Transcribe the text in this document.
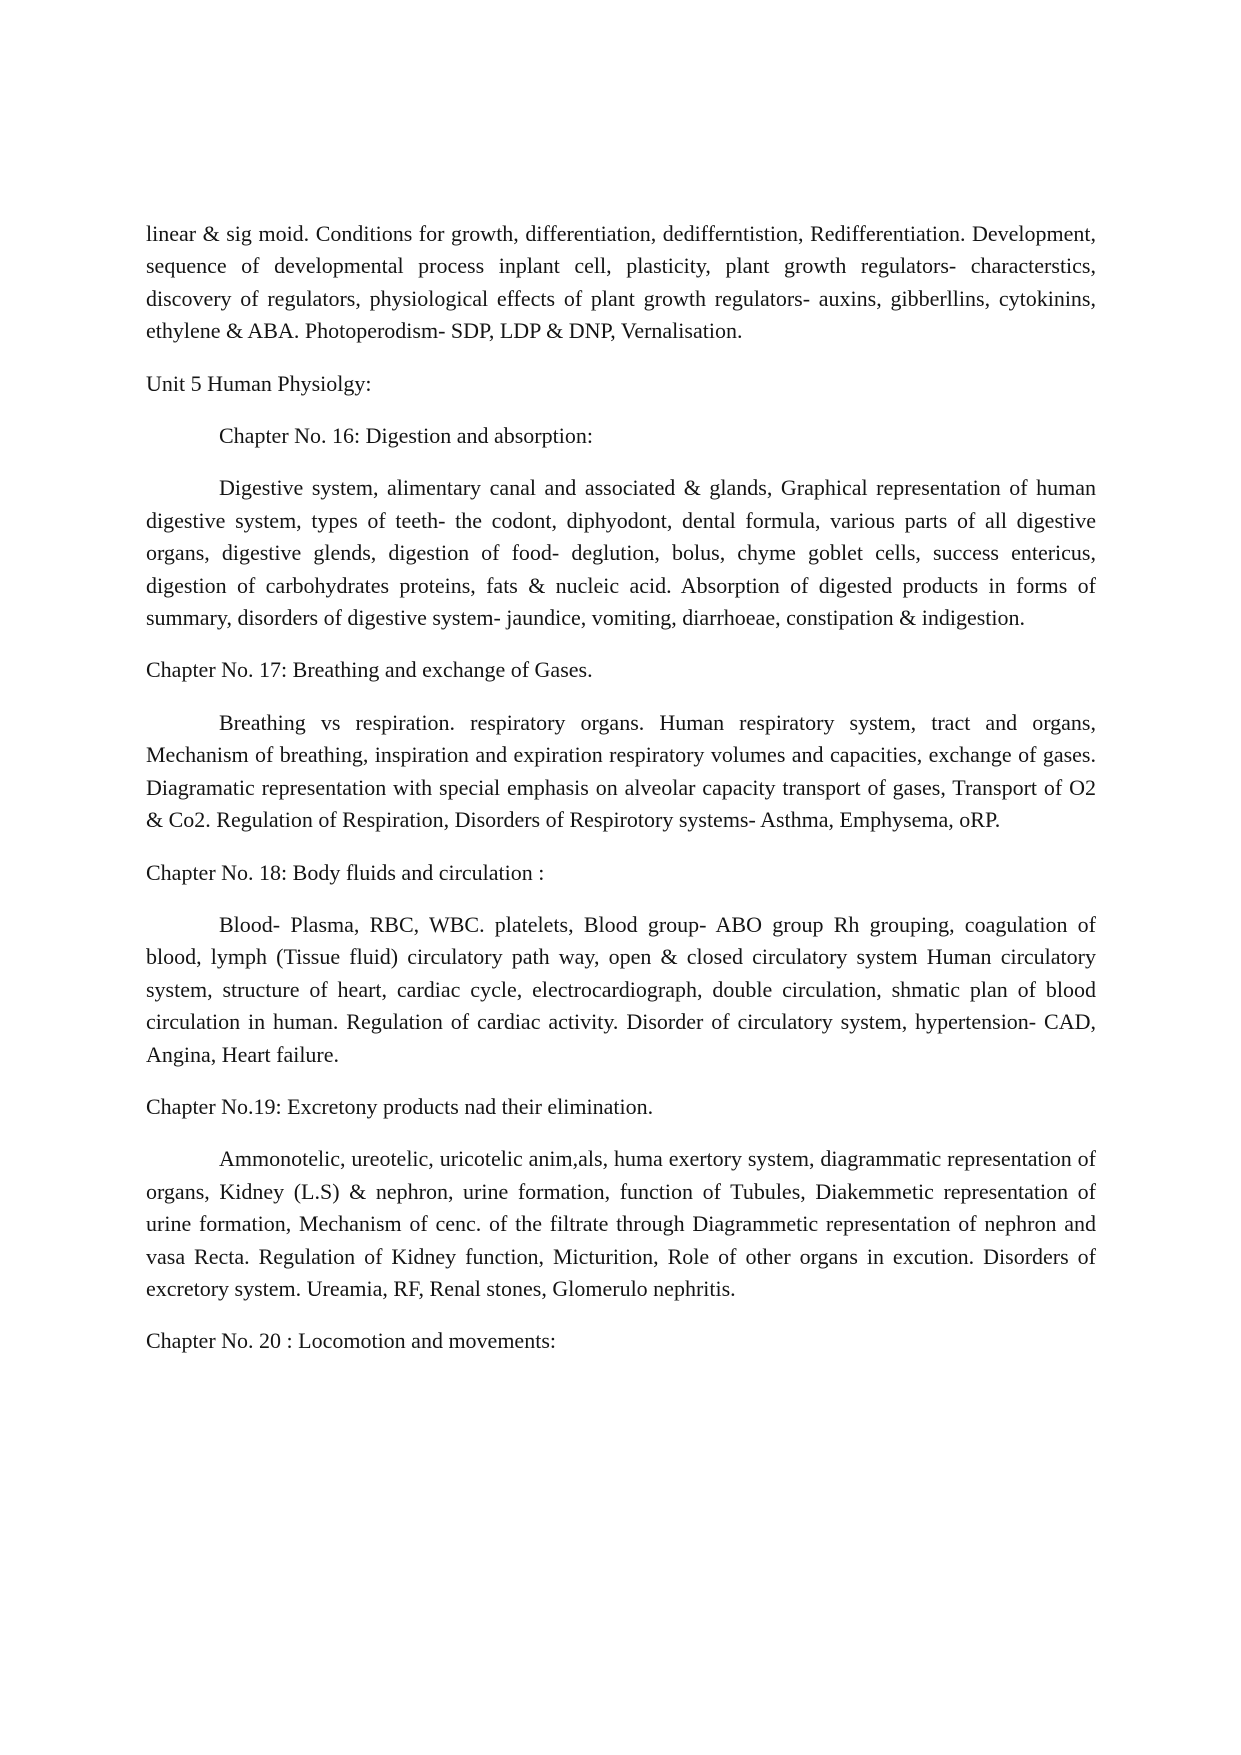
linear & sig moid. Conditions for growth, differentiation, dedifferntistion, Redifferentiation. Development, sequence of developmental process inplant cell, plasticity, plant growth regulators- characterstics, discovery of regulators, physiological effects of plant growth regulators- auxins, gibberllins, cytokinins, ethylene & ABA. Photoperodism- SDP, LDP & DNP, Vernalisation.

Unit 5 Human Physiolgy:

Chapter No. 16: Digestion and absorption:

Digestive system, alimentary canal and associated & glands, Graphical representation of human digestive system, types of teeth- the codont, diphyodont, dental formula, various parts of all digestive organs, digestive glends, digestion of food- deglution, bolus, chyme goblet cells, success entericus, digestion of carbohydrates proteins, fats & nucleic acid. Absorption of digested products in forms of summary, disorders of digestive system- jaundice, vomiting, diarrhoeae, constipation & indigestion.

Chapter No. 17: Breathing and exchange of Gases.

Breathing vs respiration. respiratory organs. Human respiratory system, tract and organs, Mechanism of breathing, inspiration and expiration respiratory volumes and capacities, exchange of gases. Diagramatic representation with special emphasis on alveolar capacity transport of gases, Transport of O2 & Co2. Regulation of Respiration, Disorders of Respirotory systems- Asthma, Emphysema, oRP.

Chapter No. 18: Body fluids and circulation :

Blood- Plasma, RBC, WBC. platelets, Blood group- ABO group Rh grouping, coagulation of blood, lymph (Tissue fluid) circulatory path way, open & closed circulatory system Human circulatory system, structure of heart, cardiac cycle, electrocardiograph, double circulation, shmatic plan of blood circulation in human. Regulation of cardiac activity. Disorder of circulatory system, hypertension- CAD, Angina, Heart failure.

Chapter No.19: Excretony products nad their elimination.

Ammonotelic, ureotelic, uricotelic anim,als, huma exertory system, diagrammatic representation of organs, Kidney (L.S) & nephron, urine formation, function of Tubules, Diakemmetic representation of urine formation, Mechanism of cenc. of the filtrate through Diagrammetic representation of nephron and vasa Recta. Regulation of Kidney function, Micturition, Role of other organs in excution. Disorders of excretory system. Ureamia, RF, Renal stones, Glomerulo nephritis.

Chapter No. 20 : Locomotion and movements:
